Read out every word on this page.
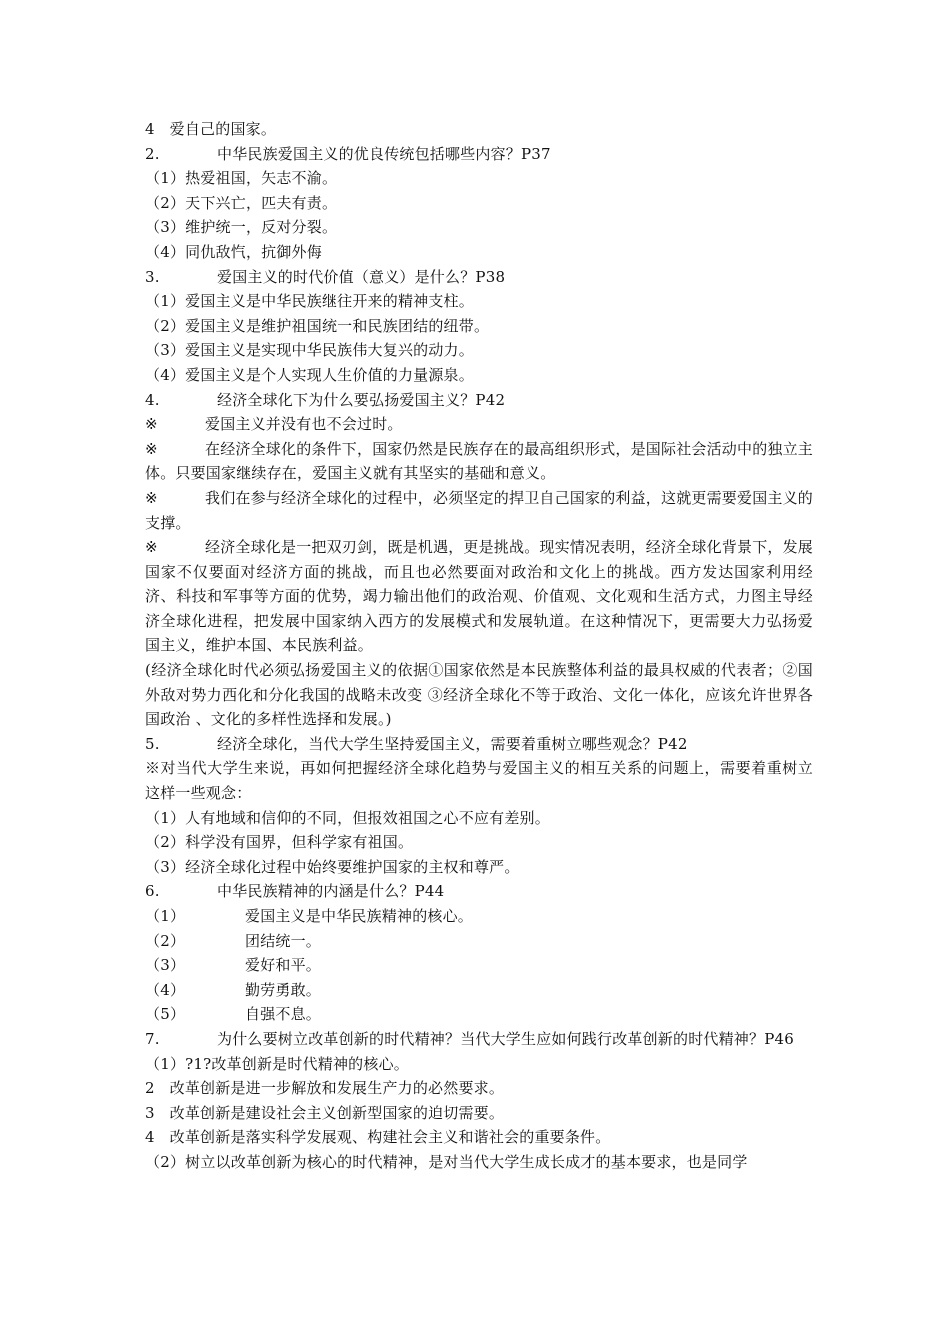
4   爱自己的国家。
2.	中华民族爱国主义的优良传统包括哪些内容？P37
（1）热爱祖国，矢志不渝。
（2）天下兴亡，匹夫有责。
（3）维护统一，反对分裂。
（4）同仇敌忾，抗御外侮
3.	爱国主义的时代价值（意义）是什么？P38
（1）爱国主义是中华民族继往开来的精神支柱。
（2）爱国主义是维护祖国统一和民族团结的纽带。
（3）爱国主义是实现中华民族伟大复兴的动力。
（4）爱国主义是个人实现人生价值的力量源泉。
4.	经济全球化下为什么要弘扬爱国主义？P42
※	爱国主义并没有也不会过时。
※	在经济全球化的条件下，国家仍然是民族存在的最高组织形式，是国际社会活动中的独立主体。只要国家继续存在，爱国主义就有其坚实的基础和意义。
※	我们在参与经济全球化的过程中，必须坚定的捍卫自己国家的利益，这就更需要爱国主义的支撑。
※	经济全球化是一把双刃剑，既是机遇，更是挑战。现实情况表明，经济全球化背景下，发展国家不仅要面对经济方面的挑战，而且也必然要面对政治和文化上的挑战。西方发达国家利用经济、科技和军事等方面的优势，竭力输出他们的政治观、价值观、文化观和生活方式，力图主导经济全球化进程，把发展中国家纳入西方的发展模式和发展轨道。在这种情况下，更需要大力弘扬爱国主义，维护本国、本民族利益。
(经济全球化时代必须弘扬爱国主义的依据①国家依然是本民族整体利益的最具权威的代表者；②国外敌对势力西化和分化我国的战略未改变 ③经济全球化不等于政治、文化一体化，应该允许世界各国政治 、文化的多样性选择和发展。)
5.	经济全球化，当代大学生坚持爱国主义，需要着重树立哪些观念？P42
※对当代大学生来说，再如何把握经济全球化趋势与爱国主义的相互关系的问题上，需要着重树立这样一些观念：
（1）人有地域和信仰的不同，但报效祖国之心不应有差别。
（2）科学没有国界，但科学家有祖国。
（3）经济全球化过程中始终要维护国家的主权和尊严。
6.	中华民族精神的内涵是什么？P44
（1）	爱国主义是中华民族精神的核心。
（2）	团结统一。
（3）	爱好和平。
（4）	勤劳勇敢。
（5）	自强不息。
7.	为什么要树立改革创新的时代精神？当代大学生应如何践行改革创新的时代精神？P46
（1）?1?改革创新是时代精神的核心。
2   改革创新是进一步解放和发展生产力的必然要求。
3   改革创新是建设社会主义创新型国家的迫切需要。
4   改革创新是落实科学发展观、构建社会主义和谐社会的重要条件。
（2）树立以改革创新为核心的时代精神，是对当代大学生成长成才的基本要求，也是同学
